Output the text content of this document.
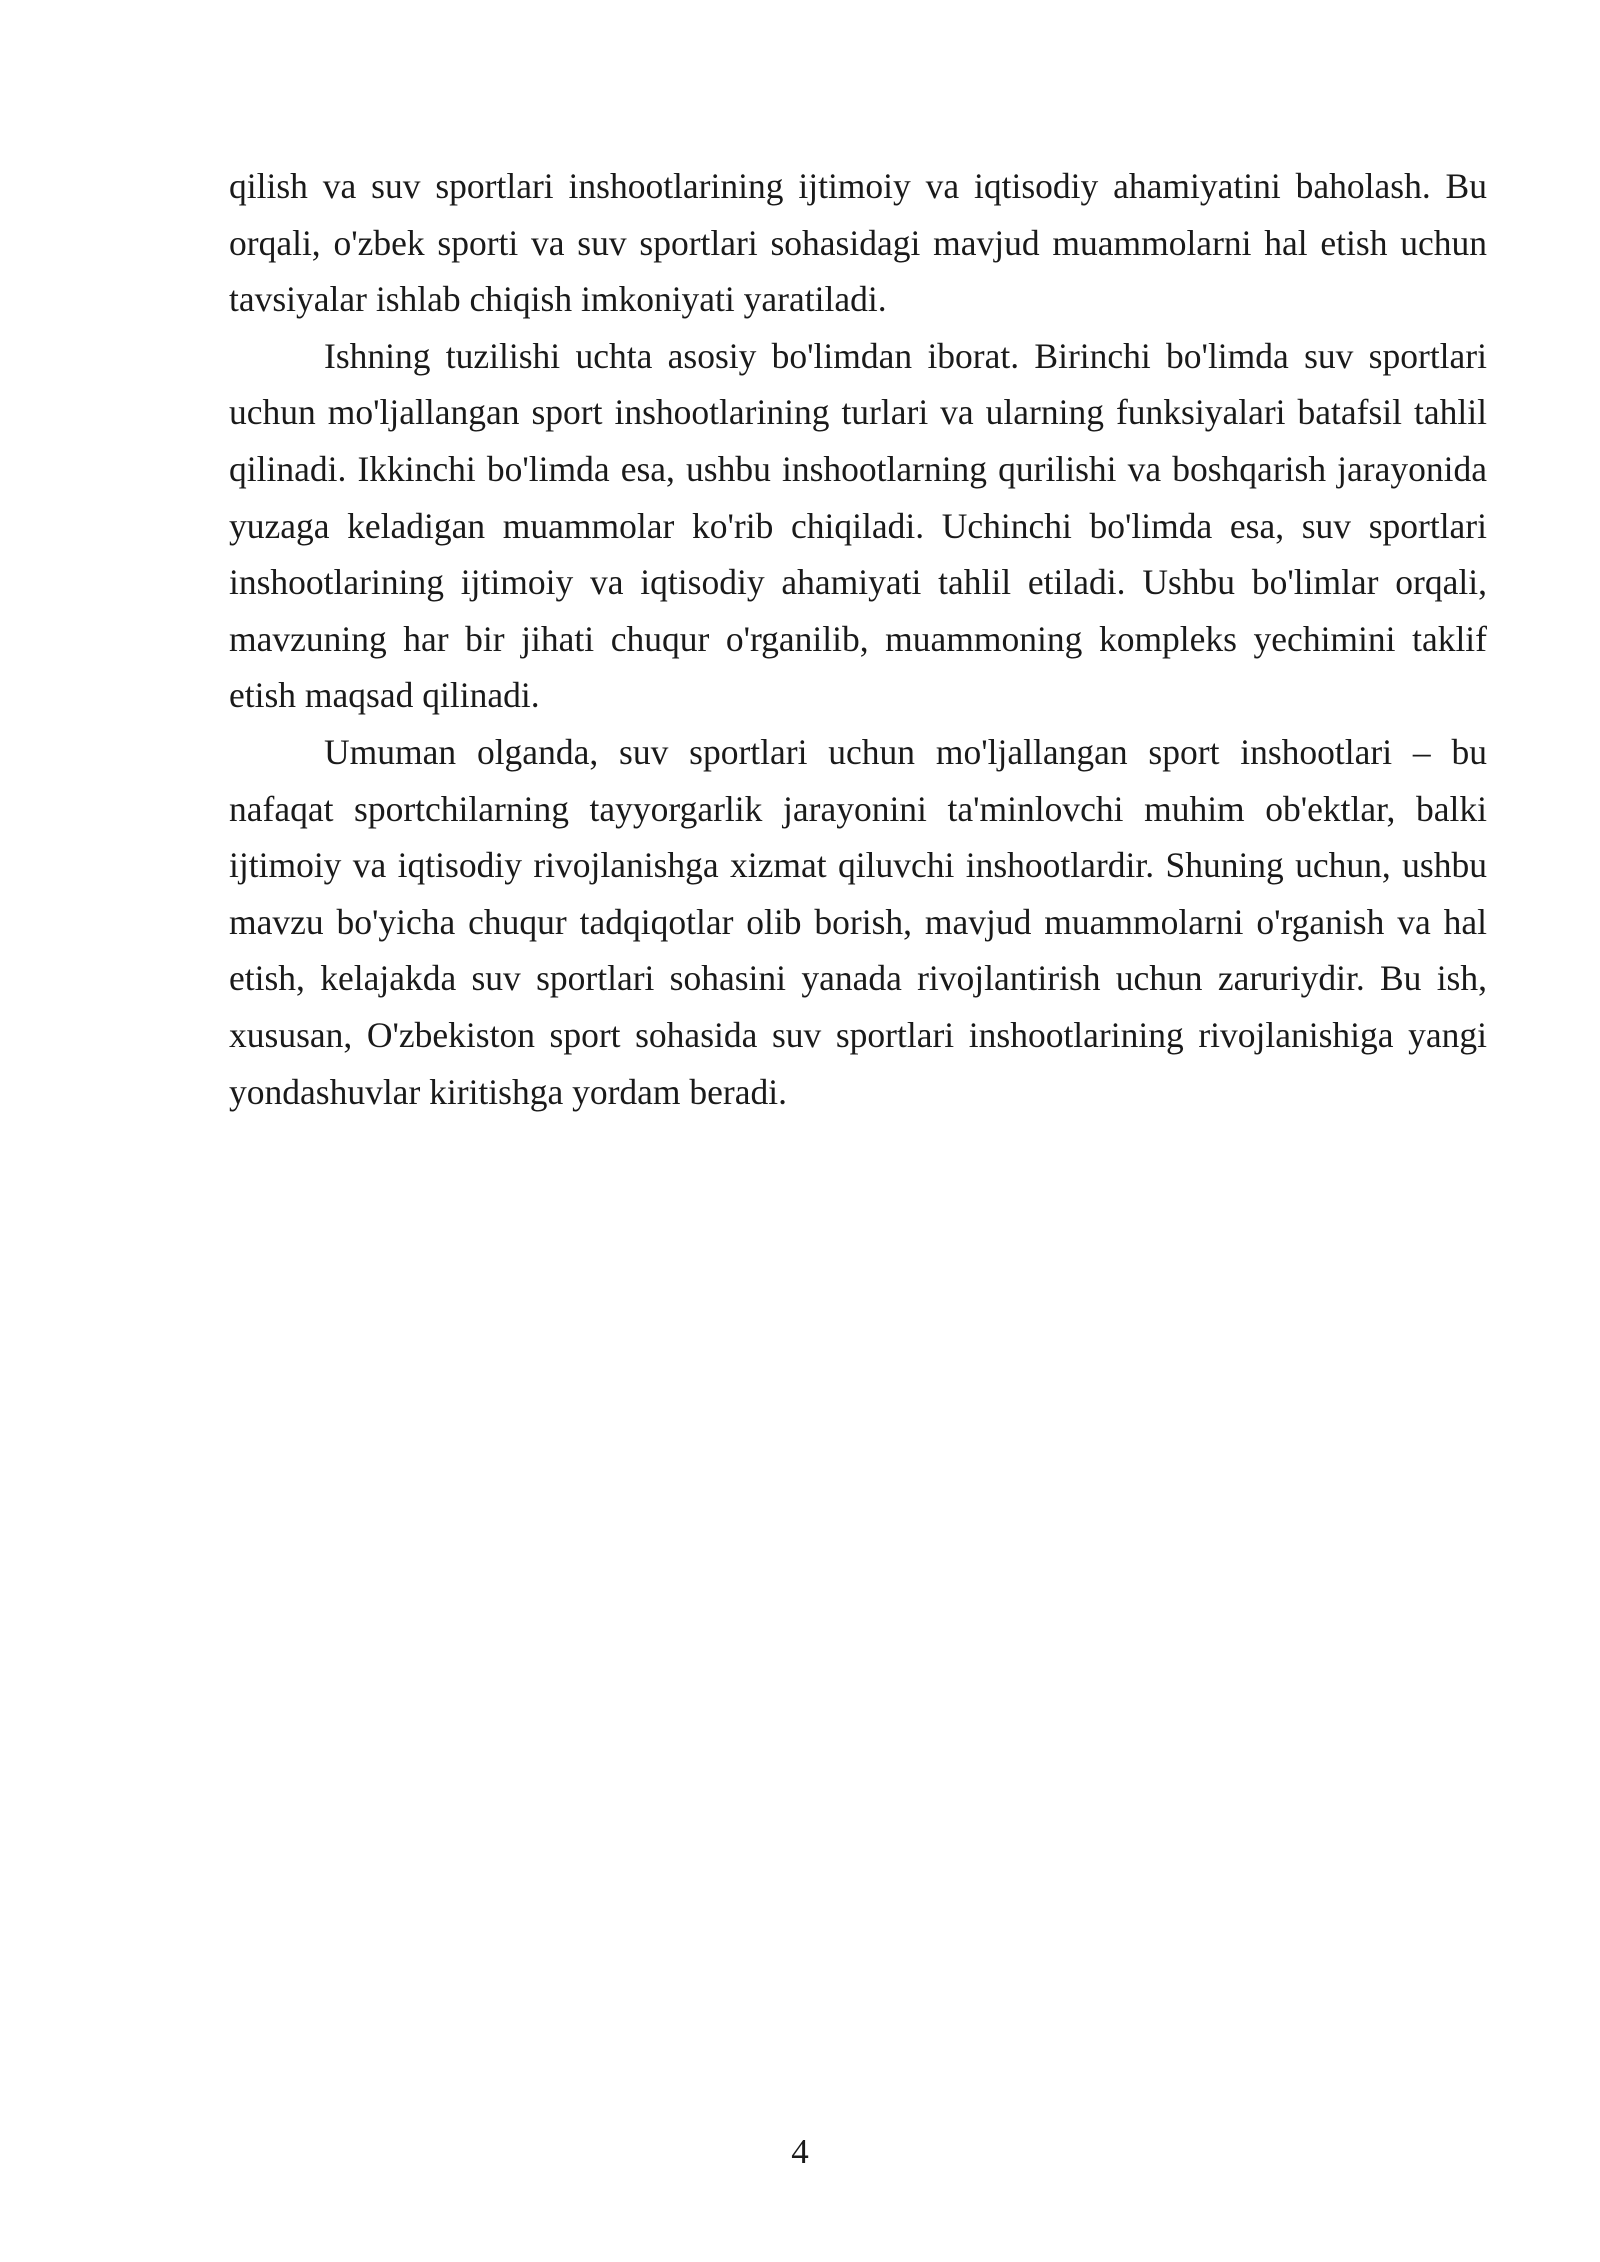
qilish va suv sportlari inshootlarining ijtimoiy va iqtisodiy ahamiyatini baholash. Bu orqali, o'zbek sporti va suv sportlari sohasidagi mavjud muammolarni hal etish uchun tavsiyalar ishlab chiqish imkoniyati yaratiladi.

Ishning tuzilishi uchta asosiy bo'limdan iborat. Birinchi bo'limda suv sportlari uchun mo'ljallangan sport inshootlarining turlari va ularning funksiyalari batafsil tahlil qilinadi. Ikkinchi bo'limda esa, ushbu inshootlarning qurilishi va boshqarish jarayonida yuzaga keladigan muammolar ko'rib chiqiladi. Uchinchi bo'limda esa, suv sportlari inshootlarining ijtimoiy va iqtisodiy ahamiyati tahlil etiladi. Ushbu bo'limlar orqali, mavzuning har bir jihati chuqur o'rganilib, muammoning kompleks yechimini taklif etish maqsad qilinadi.

Umuman olganda, suv sportlari uchun mo'ljallangan sport inshootlari – bu nafaqat sportchilarning tayyorgarlik jarayonini ta'minlovchi muhim ob'ektlar, balki ijtimoiy va iqtisodiy rivojlanishga xizmat qiluvchi inshootlardir. Shuning uchun, ushbu mavzu bo'yicha chuqur tadqiqotlar olib borish, mavjud muammolarni o'rganish va hal etish, kelajakda suv sportlari sohasini yanada rivojlantirish uchun zaruriydir. Bu ish, xususan, O'zbekiston sport sohasida suv sportlari inshootlarining rivojlanishiga yangi yondashuvlar kiritishga yordam beradi.

4
